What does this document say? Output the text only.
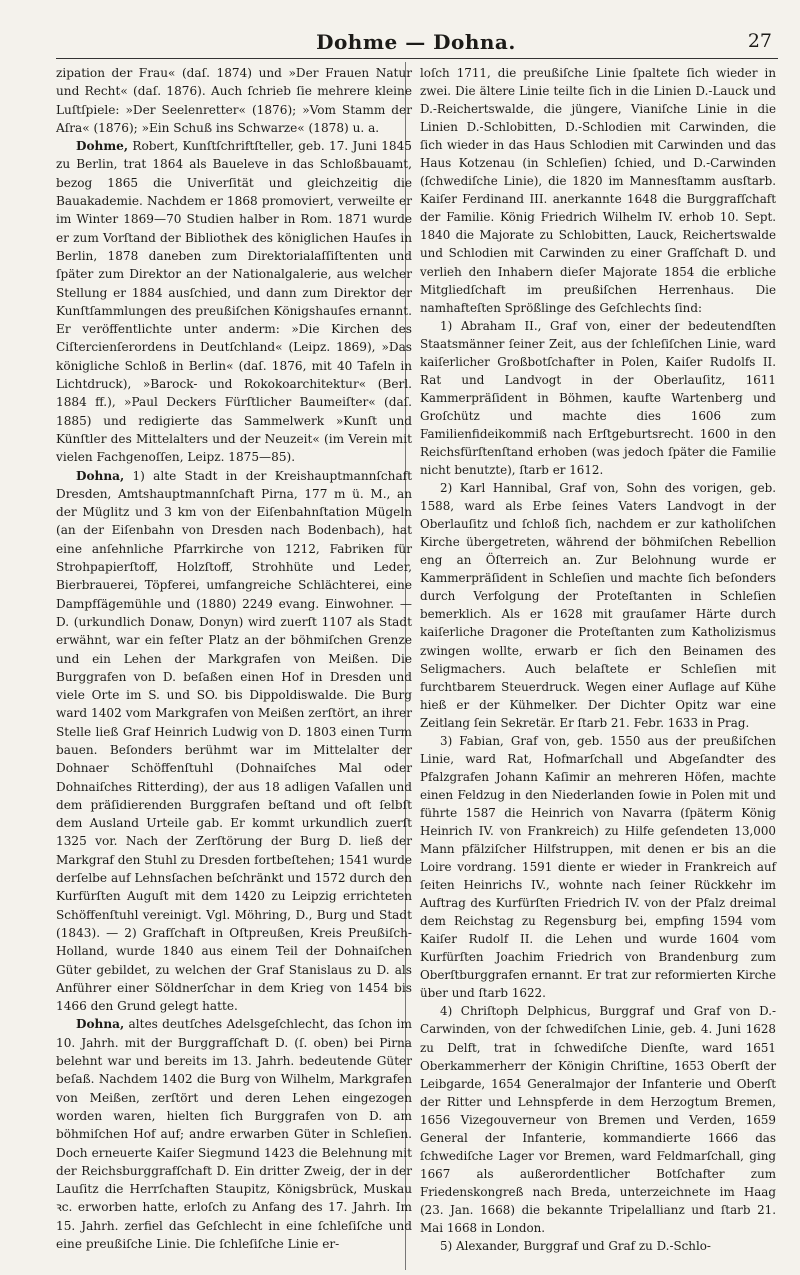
Dohme — Dohna.	27

zipation der Frau« (daſ. 1874) und »Der Frauen Natur und Recht« (daſ. 1876). Auch ſchrieb ſie mehrere kleine Luſtſpiele: »Der Seelenretter« (1876); »Vom Stamm der Aſra« (1876); »Ein Schuß ins Schwarze« (1878) u. a.

Dohme, Robert, Kunſtſchriftſteller, geb. 17. Juni 1845 zu Berlin, trat 1864 als Baueleve in das Schloßbauamt, bezog 1865 die Univerſität und gleichzeitig die Bauakademie. Nachdem er 1868 promoviert, verweilte er im Winter 1869—70 Studien halber in Rom. 1871 wurde er zum Vorſtand der Bibliothek des königlichen Hauſes in Berlin, 1878 daneben zum Direktorialaſſiſtenten und ſpäter zum Direktor an der Nationalgalerie, aus welcher Stellung er 1884 ausſchied, und dann zum Direktor der Kunſtſammlungen des preußiſchen Königshauſes ernannt. Er veröffentlichte unter anderm: »Die Kirchen des Ciſtercienſerordens in Deutſchland« (Leipz. 1869), »Das königliche Schloß in Berlin« (daſ. 1876, mit 40 Tafeln in Lichtdruck), »Barock- und Rokokoarchitektur« (Berl. 1884 ff.), »Paul Deckers Fürſtlicher Baumeiſter« (daſ. 1885) und redigierte das Sammelwerk »Kunſt und Künſtler des Mittelalters und der Neuzeit« (im Verein mit vielen Fachgenoſſen, Leipz. 1875—85).

Dohna, 1) alte Stadt in der Kreishauptmannſchaft Dresden, Amtshauptmannſchaft Pirna, 177 m ü. M., an der Müglitz und 3 km von der Eiſenbahnſtation Mügeln (an der Eiſenbahn von Dresden nach Bodenbach), hat eine anſehnliche Pfarrkirche von 1212, Fabriken für Strohpapierſtoff, Holzſtoff, Strohhüte und Leder, Bierbrauerei, Töpferei, umfangreiche Schlächterei, eine Dampfſägemühle und (1880) 2249 evang. Einwohner. — D. (urkundlich Donaw, Donyn) wird zuerſt 1107 als Stadt erwähnt, war ein feſter Platz an der böhmiſchen Grenze und ein Lehen der Markgrafen von Meißen. Die Burggrafen von D. beſaßen einen Hof in Dresden und viele Orte im S. und SO. bis Dippoldiswalde. Die Burg ward 1402 vom Markgrafen von Meißen zerſtört, an ihrer Stelle ließ Graf Heinrich Ludwig von D. 1803 einen Turm bauen. Beſonders berühmt war im Mittelalter der Dohnaer Schöffenſtuhl (Dohnaiſches Mal oder Dohnaiſches Ritterding), der aus 18 adligen Vaſallen und dem präſidierenden Burggrafen beſtand und oft ſelbſt dem Ausland Urteile gab. Er kommt urkundlich zuerſt 1325 vor. Nach der Zerſtörung der Burg D. ließ der Markgraf den Stuhl zu Dresden fortbeſtehen; 1541 wurde derſelbe auf Lehnsſachen beſchränkt und 1572 durch den Kurfürſten Auguſt mit dem 1420 zu Leipzig errichteten Schöffenſtuhl vereinigt. Vgl. Möhring, D., Burg und Stadt (1843). — 2) Grafſchaft in Oſtpreußen, Kreis Preußiſch-Holland, wurde 1840 aus einem Teil der Dohnaiſchen Güter gebildet, zu welchen der Graf Stanislaus zu D. als Anführer einer Söldnerſchar in dem Krieg von 1454 bis 1466 den Grund gelegt hatte.

Dohna, altes deutſches Adelsgeſchlecht, das ſchon im 10. Jahrh. mit der Burggrafſchaft D. (ſ. oben) bei Pirna belehnt war und bereits im 13. Jahrh. bedeutende Güter beſaß. Nachdem 1402 die Burg von Wilhelm, Markgrafen von Meißen, zerſtört und deren Lehen eingezogen worden waren, hielten ſich Burggrafen von D. am böhmiſchen Hof auf; andre erwarben Güter in Schleſien. Doch erneuerte Kaiſer Siegmund 1423 die Belehnung mit der Reichsburggrafſchaft D. Ein dritter Zweig, der in der Lauſitz die Herrſchaften Staupitz, Königsbrück, Muskau ꝛc. erworben hatte, erloſch zu Anfang des 17. Jahrh. Im 15. Jahrh. zerfiel das Geſchlecht in eine ſchleſiſche und eine preußiſche Linie. Die ſchleſiſche Linie er-

loſch 1711, die preußiſche Linie ſpaltete ſich wieder in zwei. Die ältere Linie teilte ſich in die Linien D.-Lauck und D.-Reichertswalde, die jüngere, Vianiſche Linie in die Linien D.-Schlobitten, D.-Schlodien mit Carwinden, die ſich wieder in das Haus Schlodien mit Carwinden und das Haus Kotzenau (in Schleſien) ſchied, und D.-Carwinden (ſchwediſche Linie), die 1820 im Mannesſtamm ausſtarb. Kaiſer Ferdinand III. anerkannte 1648 die Burggrafſchaft der Familie. König Friedrich Wilhelm IV. erhob 10. Sept. 1840 die Majorate zu Schlobitten, Lauck, Reichertswalde und Schlodien mit Carwinden zu einer Grafſchaft D. und verlieh den Inhabern dieſer Majorate 1854 die erbliche Mitgliedſchaft im preußiſchen Herrenhaus. Die namhafteſten Sprößlinge des Geſchlechts ſind:

1) Abraham II., Graf von, einer der bedeutendſten Staatsmänner ſeiner Zeit, aus der ſchleſiſchen Linie, ward kaiſerlicher Großbotſchafter in Polen, Kaiſer Rudolfs II. Rat und Landvogt in der Oberlauſitz, 1611 Kammerpräſident in Böhmen, kaufte Wartenberg und Groſchütz und machte dies 1606 zum Familienfideikommiß nach Erſtgeburtsrecht. 1600 in den Reichsfürſtenſtand erhoben (was jedoch ſpäter die Familie nicht benutzte), ſtarb er 1612.

2) Karl Hannibal, Graf von, Sohn des vorigen, geb. 1588, ward als Erbe ſeines Vaters Landvogt in der Oberlauſitz und ſchloß ſich, nachdem er zur katholiſchen Kirche übergetreten, während der böhmiſchen Rebellion eng an Öſterreich an. Zur Belohnung wurde er Kammerpräſident in Schleſien und machte ſich beſonders durch Verfolgung der Proteſtanten in Schleſien bemerklich. Als er 1628 mit grauſamer Härte durch kaiſerliche Dragoner die Proteſtanten zum Katholizismus zwingen wollte, erwarb er ſich den Beinamen des Seligmachers. Auch belaſtete er Schleſien mit furchtbarem Steuerdruck. Wegen einer Auflage auf Kühe hieß er der Kühmelker. Der Dichter Opitz war eine Zeitlang ſein Sekretär. Er ſtarb 21. Febr. 1633 in Prag.

3) Fabian, Graf von, geb. 1550 aus der preußiſchen Linie, ward Rat, Hofmarſchall und Abgeſandter des Pfalzgrafen Johann Kaſimir an mehreren Höfen, machte einen Feldzug in den Niederlanden ſowie in Polen mit und führte 1587 die Heinrich von Navarra (ſpäterm König Heinrich IV. von Frankreich) zu Hilfe geſendeten 13,000 Mann pfälziſcher Hilfstruppen, mit denen er bis an die Loire vordrang. 1591 diente er wieder in Frankreich auf ſeiten Heinrichs IV., wohnte nach ſeiner Rückkehr im Auftrag des Kurfürſten Friedrich IV. von der Pfalz dreimal dem Reichstag zu Regensburg bei, empfing 1594 vom Kaiſer Rudolf II. die Lehen und wurde 1604 vom Kurfürſten Joachim Friedrich von Brandenburg zum Oberſtburggrafen ernannt. Er trat zur reformierten Kirche über und ſtarb 1622.

4) Chriſtoph Delphicus, Burggraf und Graf von D.-Carwinden, von der ſchwediſchen Linie, geb. 4. Juni 1628 zu Delft, trat in ſchwediſche Dienſte, ward 1651 Oberkammerherr der Königin Chriſtine, 1653 Oberſt der Leibgarde, 1654 Generalmajor der Infanterie und Oberſt der Ritter und Lehnspferde in dem Herzogtum Bremen, 1656 Vizegouverneur von Bremen und Verden, 1659 General der Infanterie, kommandierte 1666 das ſchwediſche Lager vor Bremen, ward Feldmarſchall, ging 1667 als außerordentlicher Botſchafter zum Friedenskongreß nach Breda, unterzeichnete im Haag (23. Jan. 1668) die bekannte Tripelallianz und ſtarb 21. Mai 1668 in London.

5) Alexander, Burggraf und Graf zu D.-Schlo-
